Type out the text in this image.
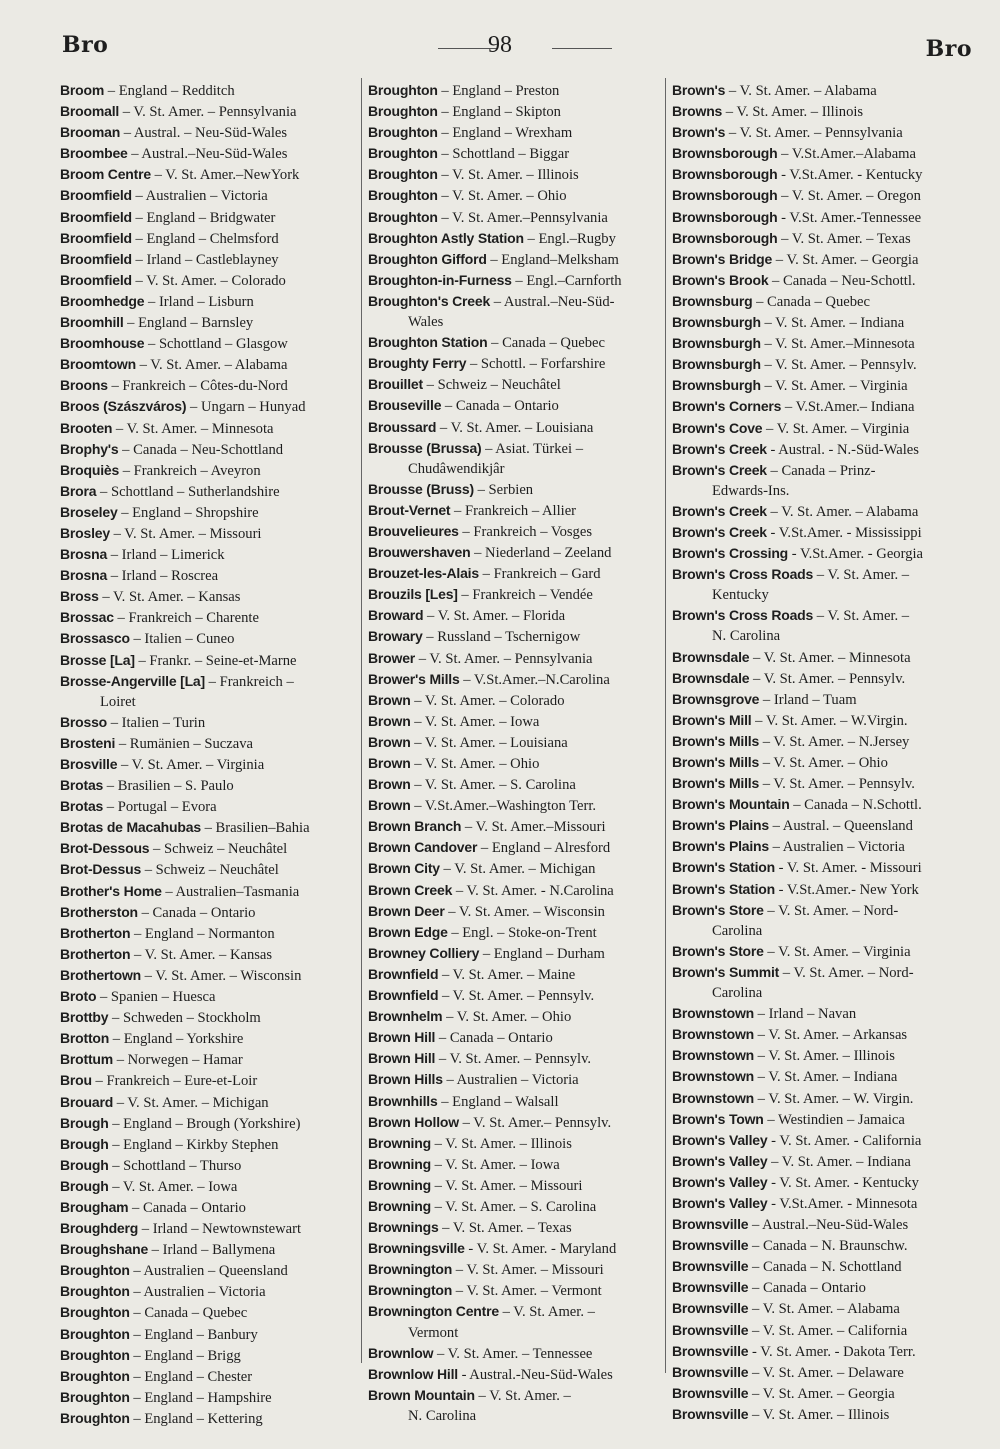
Bro	98	Bro
Broom – England – Redditch
Broomall – V. St. Amer. – Pennsylvania
Brooman – Austral. – Neu-Süd-Wales
Broombee – Austral.–Neu-Süd-Wales
Broom Centre – V. St. Amer.–NewYork
Broomfield – Australien – Victoria
Broomfield – England – Bridgwater
Broomfield – England – Chelmsford
Broomfield – Irland – Castleblayney
Broomfield – V. St. Amer. – Colorado
Broomhedge – Irland – Lisburn
Broomhill – England – Barnsley
Broomhouse – Schottland – Glasgow
Broomtown – V. St. Amer. – Alabama
Broons – Frankreich – Côtes-du-Nord
Broos (Szászváros) – Ungarn – Hunyad
Brooten – V. St. Amer. – Minnesota
Brophy's – Canada – Neu-Schottland
Broquiès – Frankreich – Aveyron
Brora – Schottland – Sutherlandshire
Broseley – England – Shropshire
Brosley – V. St. Amer. – Missouri
Brosna – Irland – Limerick
Brosna – Irland – Roscrea
Bross – V. St. Amer. – Kansas
Brossac – Frankreich – Charente
Brossasco – Italien – Cuneo
Brosse [La] – Frankr. – Seine-et-Marne
Brosse-Angerville [La] – Frankreich –
Loiret
Brosso – Italien – Turin
Brosteni – Rumänien – Suczava
Brosville – V. St. Amer. – Virginia
Brotas – Brasilien – S. Paulo
Brotas – Portugal – Evora
Brotas de Macahubas – Brasilien–Bahia
Brot-Dessous – Schweiz – Neuchâtel
Brot-Dessus – Schweiz – Neuchâtel
Brother's Home – Australien–Tasmania
Brotherston – Canada – Ontario
Brotherton – England – Normanton
Brotherton – V. St. Amer. – Kansas
Brothertown – V. St. Amer. – Wisconsin
Broto – Spanien – Huesca
Brottby – Schweden – Stockholm
Brotton – England – Yorkshire
Brottum – Norwegen – Hamar
Brou – Frankreich – Eure-et-Loir
Brouard – V. St. Amer. – Michigan
Brough – England – Brough (Yorkshire)
Brough – England – Kirkby Stephen
Brough – Schottland – Thurso
Brough – V. St. Amer. – Iowa
Brougham – Canada – Ontario
Broughderg – Irland – Newtownstewart
Broughshane – Irland – Ballymena
Broughton – Australien – Queensland
Broughton – Australien – Victoria
Broughton – Canada – Quebec
Broughton – England – Banbury
Broughton – England – Brigg
Broughton – England – Chester
Broughton – England – Hampshire
Broughton – England – Kettering
Broughton – England – Preston
Broughton – England – Skipton
Broughton – England – Wrexham
Broughton – Schottland – Biggar
Broughton – V. St. Amer. – Illinois
Broughton – V. St. Amer. – Ohio
Broughton – V. St. Amer.–Pennsylvania
Broughton Astly Station – Engl.–Rugby
Broughton Gifford – England–Melksham
Broughton-in-Furness – Engl.–Carnforth
Broughton's Creek – Austral.–Neu-Süd-
Wales
Broughton Station – Canada – Quebec
Broughty Ferry – Schottl. – Forfarshire
Brouillet – Schweiz – Neuchâtel
Brouseville – Canada – Ontario
Broussard – V. St. Amer. – Louisiana
Brousse (Brussa) – Asiat. Türkei –
Chudâwendikjâr
Brousse (Bruss) – Serbien
Brout-Vernet – Frankreich – Allier
Brouvelieures – Frankreich – Vosges
Brouwershaven – Niederland – Zeeland
Brouzet-les-Alais – Frankreich – Gard
Brouzils [Les] – Frankreich – Vendée
Broward – V. St. Amer. – Florida
Browary – Russland – Tschernigow
Brower – V. St. Amer. – Pennsylvania
Brower's Mills – V.St.Amer.–N.Carolina
Brown – V. St. Amer. – Colorado
Brown – V. St. Amer. – Iowa
Brown – V. St. Amer. – Louisiana
Brown – V. St. Amer. – Ohio
Brown – V. St. Amer. – S. Carolina
Brown – V.St.Amer.–Washington Terr.
Brown Branch – V. St. Amer.–Missouri
Brown Candover – England – Alresford
Brown City – V. St. Amer. – Michigan
Brown Creek – V. St. Amer. - N.Carolina
Brown Deer – V. St. Amer. – Wisconsin
Brown Edge – Engl. – Stoke-on-Trent
Browney Colliery – England – Durham
Brownfield – V. St. Amer. – Maine
Brownfield – V. St. Amer. – Pennsylv.
Brownhelm – V. St. Amer. – Ohio
Brown Hill – Canada – Ontario
Brown Hill – V. St. Amer. – Pennsylv.
Brown Hills – Australien – Victoria
Brownhills – England – Walsall
Brown Hollow – V. St. Amer.– Pennsylv.
Browning – V. St. Amer. – Illinois
Browning – V. St. Amer. – Iowa
Browning – V. St. Amer. – Missouri
Browning – V. St. Amer. – S. Carolina
Brownings – V. St. Amer. – Texas
Browningsville - V. St. Amer. - Maryland
Brownington – V. St. Amer. – Missouri
Brownington – V. St. Amer. – Vermont
Brownington Centre – V. St. Amer. –
Vermont
Brownlow – V. St. Amer. – Tennessee
Brownlow Hill - Austral.-Neu-Süd-Wales
Brown Mountain – V. St. Amer. –
N. Carolina
Brown's – V. St. Amer. – Alabama
Browns – V. St. Amer. – Illinois
Brown's – V. St. Amer. – Pennsylvania
Brownsborough – V.St.Amer.–Alabama
Brownsborough - V.St.Amer. - Kentucky
Brownsborough – V. St. Amer. – Oregon
Brownsborough - V.St. Amer.-Tennessee
Brownsborough – V. St. Amer. – Texas
Brown's Bridge – V. St. Amer. – Georgia
Brown's Brook – Canada – Neu-Schottl.
Brownsburg – Canada – Quebec
Brownsburgh – V. St. Amer. – Indiana
Brownsburgh – V. St. Amer.–Minnesota
Brownsburgh – V. St. Amer. – Pennsylv.
Brownsburgh – V. St. Amer. – Virginia
Brown's Corners – V.St.Amer.– Indiana
Brown's Cove – V. St. Amer. – Virginia
Brown's Creek - Austral. - N.-Süd-Wales
Brown's Creek – Canada – Prinz-
Edwards-Ins.
Brown's Creek – V. St. Amer. – Alabama
Brown's Creek - V.St.Amer. - Mississippi
Brown's Crossing - V.St.Amer. - Georgia
Brown's Cross Roads – V. St. Amer. –
Kentucky
Brown's Cross Roads – V. St. Amer. –
N. Carolina
Brownsdale – V. St. Amer. – Minnesota
Brownsdale – V. St. Amer. – Pennsylv.
Brownsgrove – Irland – Tuam
Brown's Mill – V. St. Amer. – W.Virgin.
Brown's Mills – V. St. Amer. – N.Jersey
Brown's Mills – V. St. Amer. – Ohio
Brown's Mills – V. St. Amer. – Pennsylv.
Brown's Mountain – Canada – N.Schottl.
Brown's Plains – Austral. – Queensland
Brown's Plains – Australien – Victoria
Brown's Station - V. St. Amer. - Missouri
Brown's Station - V.St.Amer.- New York
Brown's Store – V. St. Amer. – Nord-
Carolina
Brown's Store – V. St. Amer. – Virginia
Brown's Summit – V. St. Amer. – Nord-
Carolina
Brownstown – Irland – Navan
Brownstown – V. St. Amer. – Arkansas
Brownstown – V. St. Amer. – Illinois
Brownstown – V. St. Amer. – Indiana
Brownstown – V. St. Amer. – W. Virgin.
Brown's Town – Westindien – Jamaica
Brown's Valley - V. St. Amer. - California
Brown's Valley – V. St. Amer. – Indiana
Brown's Valley - V. St. Amer. - Kentucky
Brown's Valley - V.St.Amer. - Minnesota
Brownsville – Austral.–Neu-Süd-Wales
Brownsville – Canada – N. Braunschw.
Brownsville – Canada – N. Schottland
Brownsville – Canada – Ontario
Brownsville – V. St. Amer. – Alabama
Brownsville – V. St. Amer. – California
Brownsville - V. St. Amer. - Dakota Terr.
Brownsville – V. St. Amer. – Delaware
Brownsville – V. St. Amer. – Georgia
Brownsville – V. St. Amer. – Illinois
